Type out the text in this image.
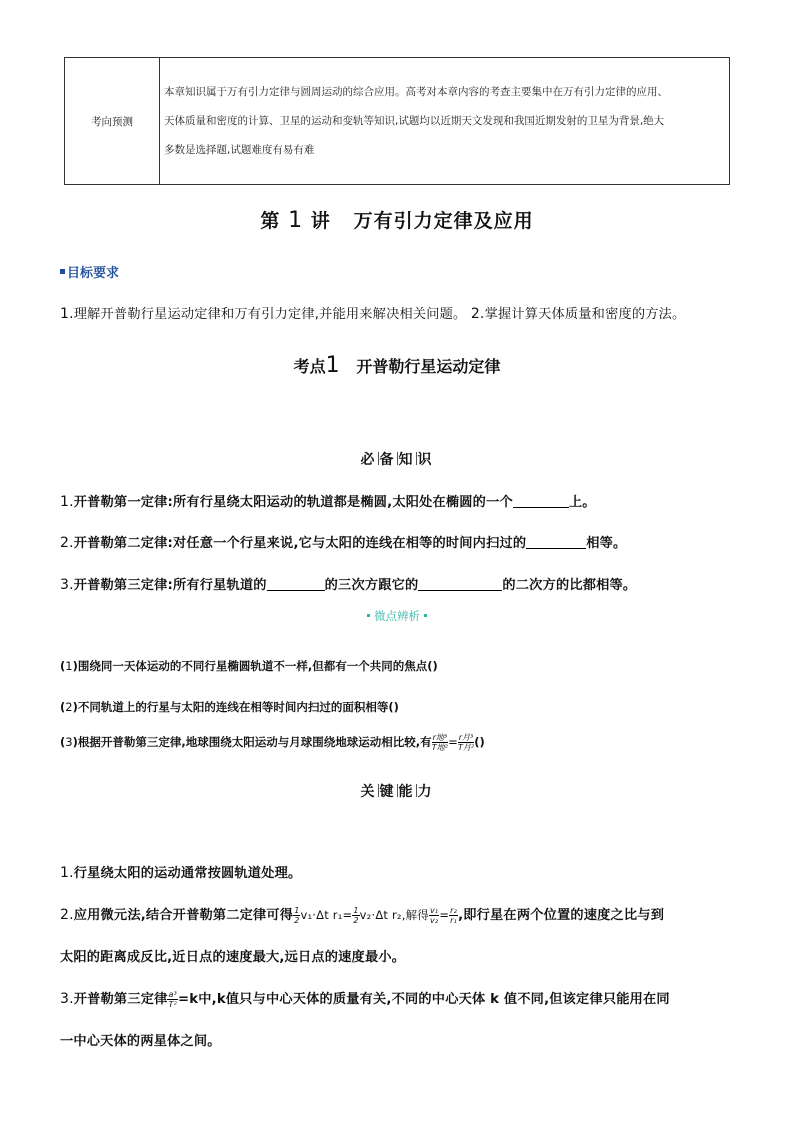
考向预测	
本章知识属于万有引力定律与圆周运动的综合应用。高考对本章内容的考查主要集中在万有引力定律的应用、
天体质量和密度的计算、卫星的运动和变轨等知识,试题均以近期天文发现和我国近期发射的卫星为背景,绝大
多数是选择题,试题难度有易有难
第 1 讲 万有引力定律及应用
目标要求
1.理解开普勒行星运动定律和万有引力定律,并能用来解决相关问题。 2.掌握计算天体质量和密度的方法。
考点1 开普勒行星运动定律
必 备 知 识
1.开普勒第一定律:所有行星绕太阳运动的轨道都是椭圆,太阳处在椭圆的一个	上。
2.开普勒第二定律:对任意一个行星来说,它与太阳的连线在相等的时间内扫过的	相等。
3.开普勒第三定律:所有行星轨道的	的三次方跟它的	的二次方的比都相等。
微点辨析
(1)围绕同一天体运动的不同行星椭圆轨道不一样,但都有一个共同的焦点()
(2)不同轨道上的行星与太阳的连线在相等时间内扫过的面积相等()
(3)根据开普勒第三定律,地球围绕太阳运动与月球围绕地球运动相比较,有 $\frac{\text{r地³}}{\text{T地²}} = \frac{\text{r月³}}{\text{T月²}}$ ()
关 键 能 力
1.行星绕太阳的运动通常按圆轨道处理。
2.应用微元法,结合开普勒第二定律可得 $\frac{1}{2} v_1\cdot\Delta t$ $r_1= \frac{1}{2} v_2\cdot\Delta t$ r₂,解得 $\frac{\text{v₁}}{\text{v₂}} = \frac{\text{r₂}}{\text{r₁}}$ ,即行星在两个位置的速度之比与到
太阳的距离成反比,近日点的速度最大,远日点的速度最小。
3.开普勒第三定律 $\frac{\text{a³}}{\text{T²}} =k$中,k值只与中心天体的质量有关,不同的中心天体 k 值不同,但该定律只能用在同
一中心天体的两星体之间。
